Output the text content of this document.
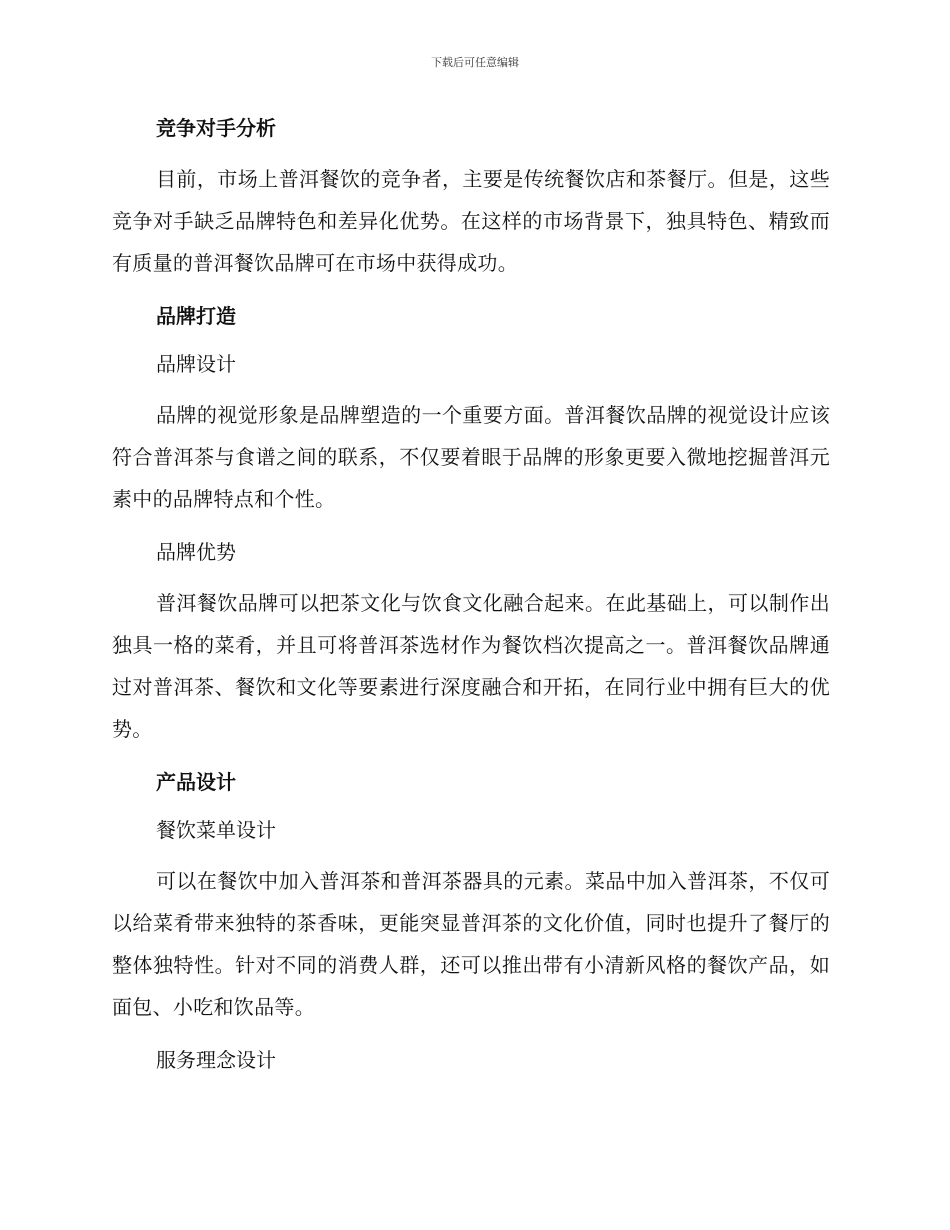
下载后可任意编辑

竞争对手分析

目前，市场上普洱餐饮的竞争者，主要是传统餐饮店和茶餐厅。但是，这些竞争对手缺乏品牌特色和差异化优势。在这样的市场背景下，独具特色、精致而有质量的普洱餐饮品牌可在市场中获得成功。

品牌打造

品牌设计

品牌的视觉形象是品牌塑造的一个重要方面。普洱餐饮品牌的视觉设计应该符合普洱茶与食谱之间的联系，不仅要着眼于品牌的形象更要入微地挖掘普洱元素中的品牌特点和个性。

品牌优势

普洱餐饮品牌可以把茶文化与饮食文化融合起来。在此基础上，可以制作出独具一格的菜肴，并且可将普洱茶选材作为餐饮档次提高之一。普洱餐饮品牌通过对普洱茶、餐饮和文化等要素进行深度融合和开拓，在同行业中拥有巨大的优势。

产品设计

餐饮菜单设计

可以在餐饮中加入普洱茶和普洱茶器具的元素。菜品中加入普洱茶，不仅可以给菜肴带来独特的茶香味，更能突显普洱茶的文化价值，同时也提升了餐厅的整体独特性。针对不同的消费人群，还可以推出带有小清新风格的餐饮产品，如面包、小吃和饮品等。

服务理念设计
